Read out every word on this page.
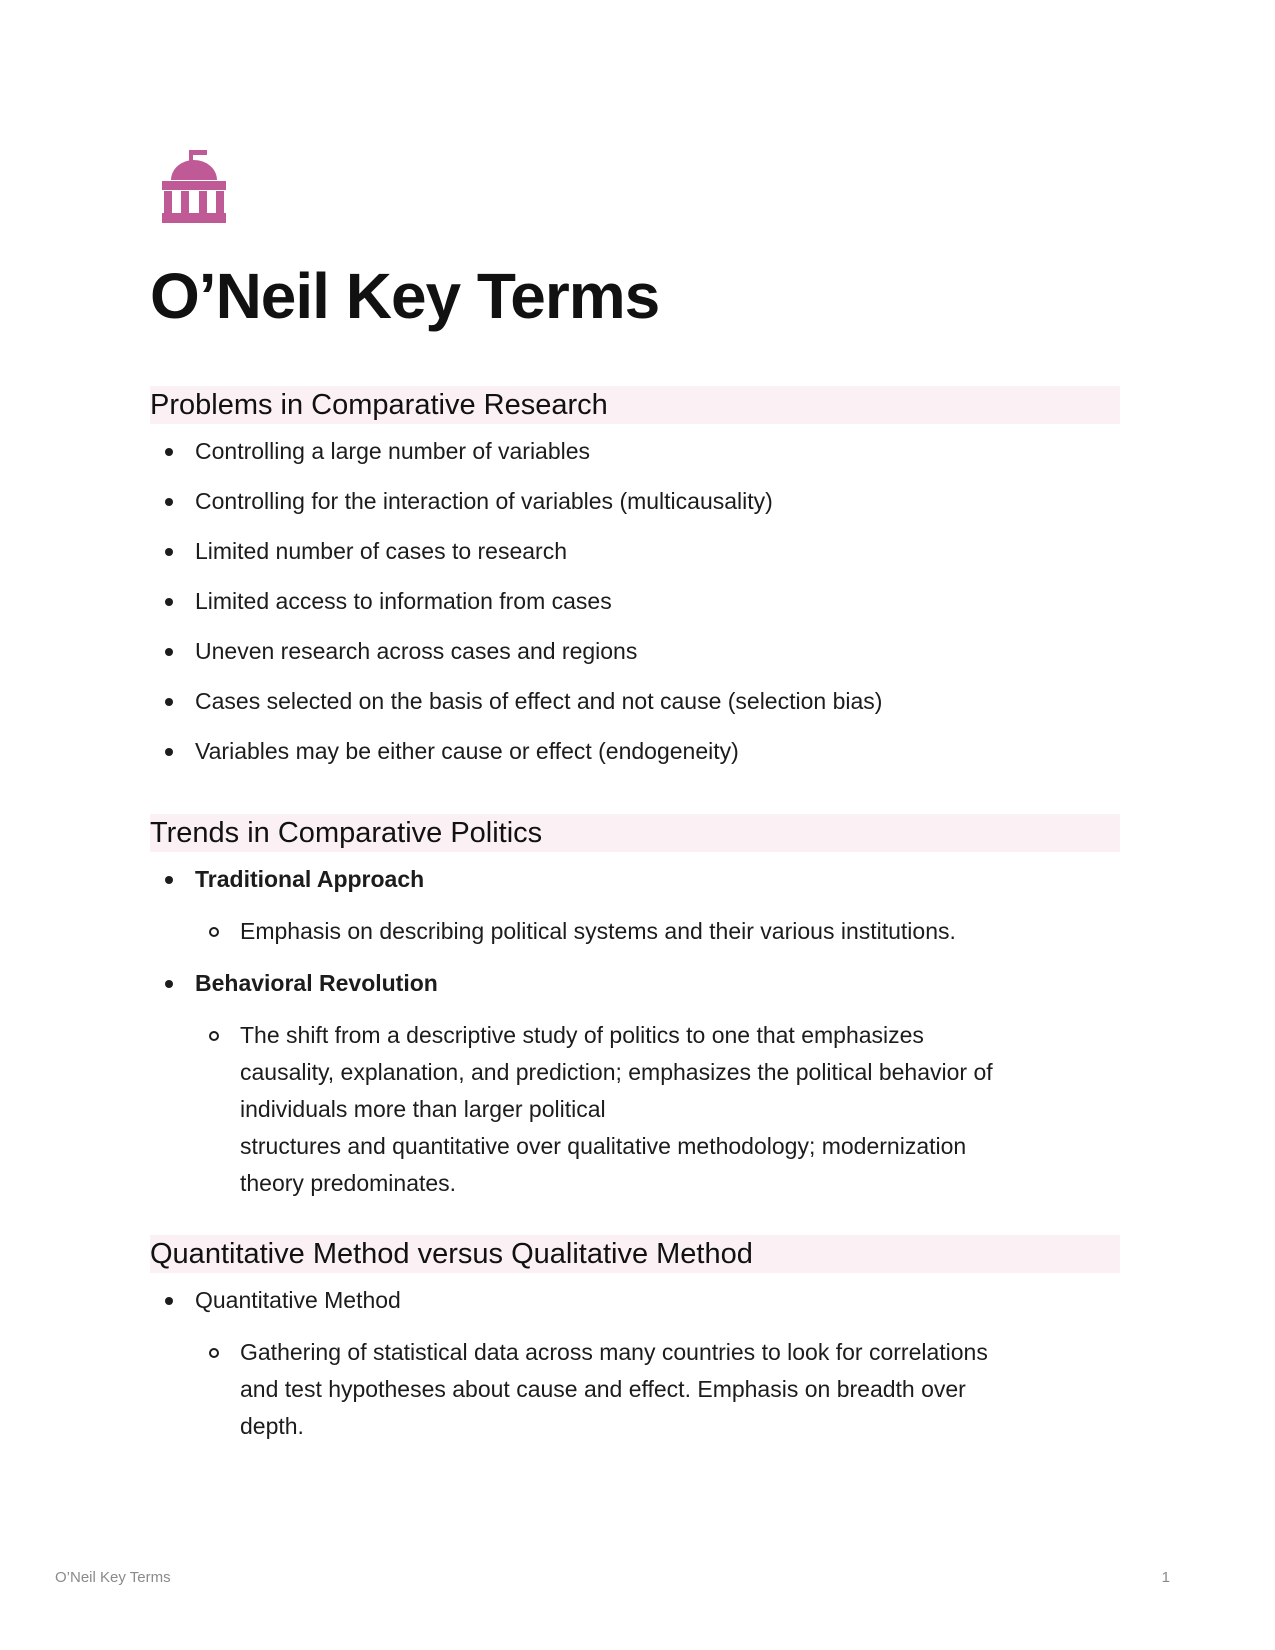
O’Neil Key Terms
Problems in Comparative Research
Controlling a large number of variables
Controlling for the interaction of variables (multicausality)
Limited number of cases to research
Limited access to information from cases
Uneven research across cases and regions
Cases selected on the basis of effect and not cause (selection bias)
Variables may be either cause or effect (endogeneity)
Trends in Comparative Politics
Traditional Approach
Emphasis on describing political systems and their various institutions.
Behavioral Revolution
The shift from a descriptive study of politics to one that emphasizes
causality, explanation, and prediction; emphasizes the political behavior of
individuals more than larger political
structures and quantitative over qualitative methodology; modernization
theory predominates.
Quantitative Method versus Qualitative Method
Quantitative Method
Gathering of statistical data across many countries to look for correlations
and test hypotheses about cause and effect. Emphasis on breadth over
depth.
O’Neil Key Terms	1
